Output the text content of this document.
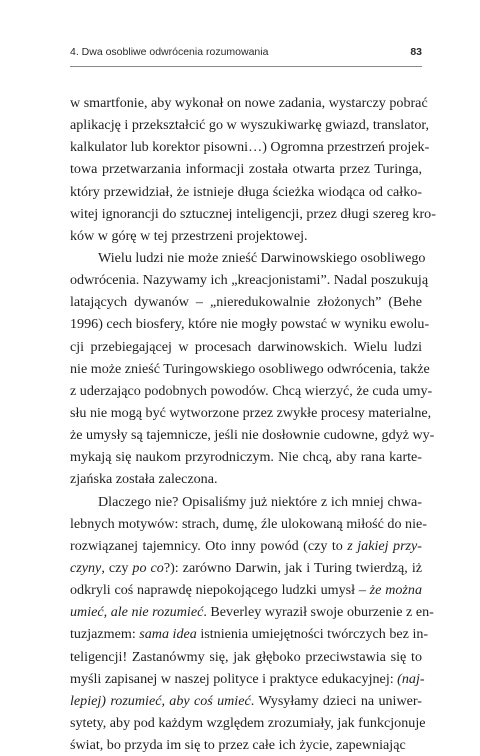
4. Dwa osobliwe odwrócenia rozumowania	83
w smartfonie, aby wykonał on nowe zadania, wystarczy pobrać
aplikację i przekształcić go w wyszukiwarkę gwiazd, translator,
kalkulator lub korektor pisowni…) Ogromna przestrzeń projek-
towa przetwarzania informacji została otwarta przez Turinga,
który przewidział, że istnieje długa ścieżka wiodąca od całko-
witej ignorancji do sztucznej inteligencji, przez długi szereg kro-
ków w górę w tej przestrzeni projektowej.
Wielu ludzi nie może znieść Darwinowskiego osobliwego
odwrócenia. Nazywamy ich „kreacjonistami”. Nadal poszukują
latających dywanów – „nieredukowalnie złożonych” (Behe
1996) cech biosfery, które nie mogły powstać w wyniku ewolu-
cji przebiegającej w procesach darwinowskich. Wielu ludzi
nie może znieść Turingowskiego osobliwego odwrócenia, także
z uderzająco podobnych powodów. Chcą wierzyć, że cuda umy-
słu nie mogą być wytworzone przez zwykłe procesy materialne,
że umysły są tajemnicze, jeśli nie dosłownie cudowne, gdyż wy-
mykają się naukom przyrodniczym. Nie chcą, aby rana karte-
zjańska została zaleczona.
Dlaczego nie? Opisaliśmy już niektóre z ich mniej chwa-
lebnych motywów: strach, dumę, źle ulokowaną miłość do nie-
rozwiązanej tajemnicy. Oto inny powód (czy to z jakiej przy-
czyny, czy po co?): zarówno Darwin, jak i Turing twierdzą, iż
odkryli coś naprawdę niepokojącego ludzki umysł – że można
umieć, ale nie rozumieć. Beverley wyraził swoje oburzenie z en-
tuzjazmem: sama idea istnienia umiejętności twórczych bez in-
teligencji! Zastanówmy się, jak głęboko przeciwstawia się to
myśli zapisanej w naszej polityce i praktyce edukacyjnej: (naj-
lepiej) rozumieć, aby coś umieć. Wysyłamy dzieci na uniwer-
sytety, aby pod każdym względem zrozumiały, jak funkcjonuje
świat, bo przyda im się to przez całe ich życie, zapewniając
